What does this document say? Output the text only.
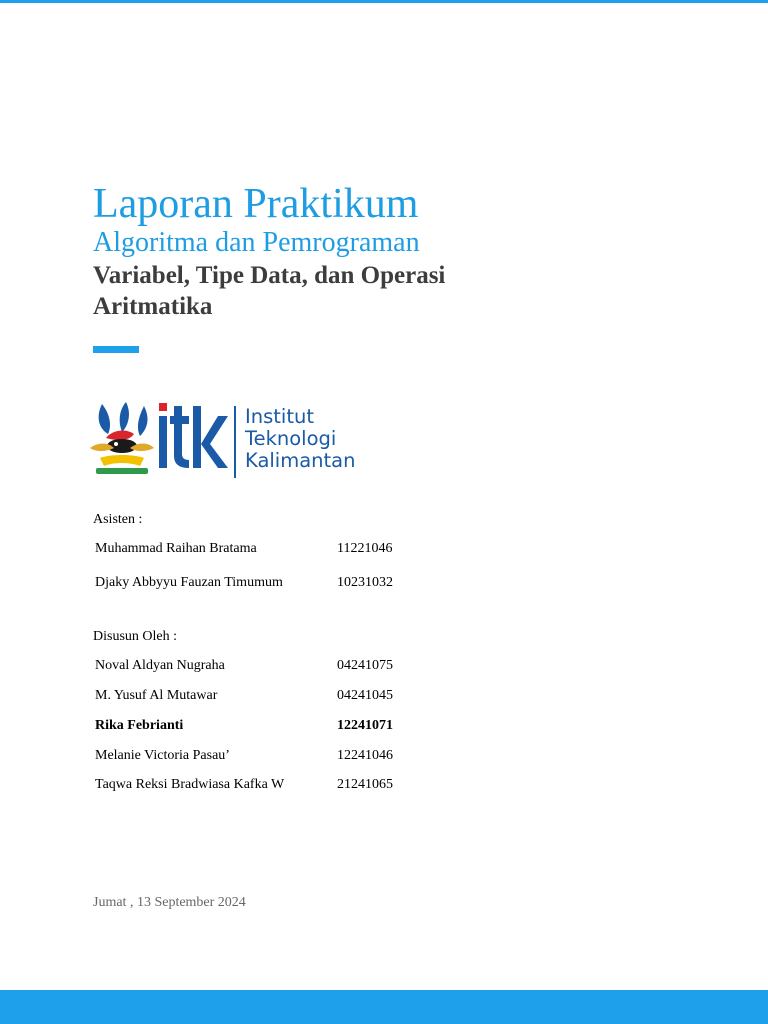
Laporan Praktikum
Algoritma dan Pemrograman
Variabel, Tipe Data, dan Operasi Aritmatika
Institut
Teknologi
Kalimantan
Asisten :
Muhammad Raihan Bratama	11221046
Djaky Abbyyu Fauzan Timumum	10231032
Disusun Oleh :
Noval Aldyan Nugraha	04241075
M. Yusuf Al Mutawar	04241045
Rika Febrianti	12241071
Melanie Victoria Pasau’	12241046
Taqwa Reksi Bradwiasa Kafka W	21241065
Jumat , 13 September 2024
